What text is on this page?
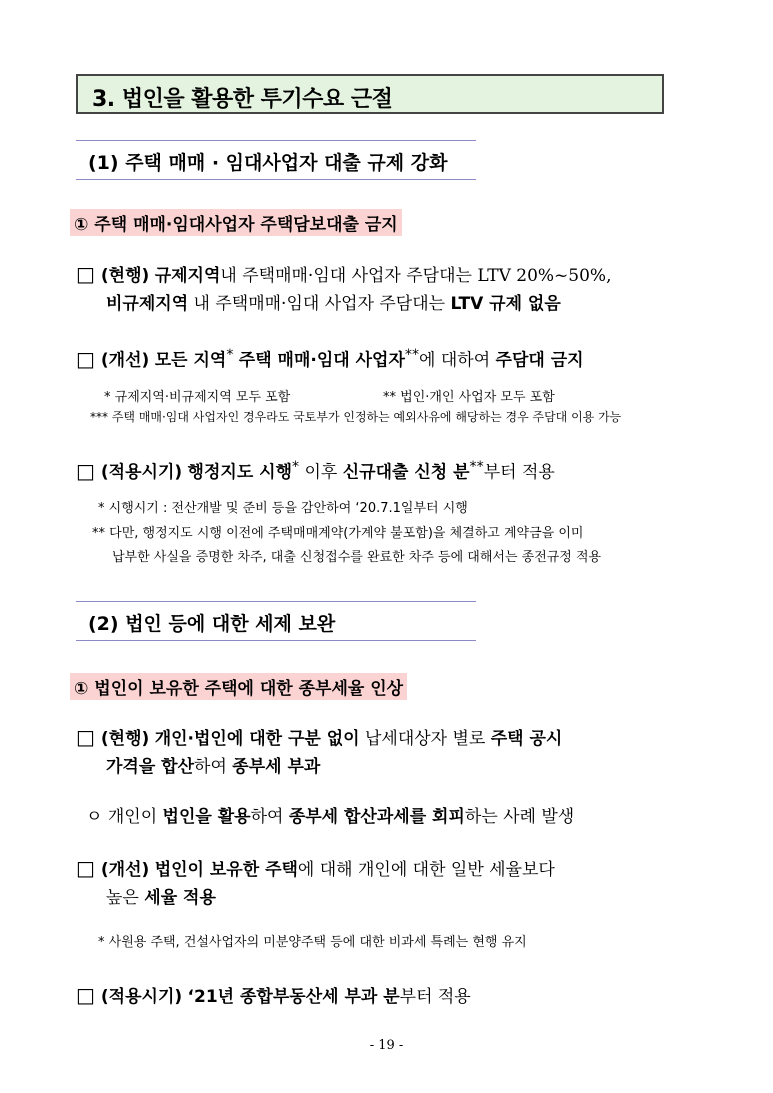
3. 법인을 활용한 투기수요 근절
(1) 주택 매매 · 임대사업자 대출 규제 강화
① 주택 매매·임대사업자 주택담보대출 금지
□ (현행) 규제지역내 주택매매·임대 사업자 주담대는 LTV 20%~50%,
비규제지역 내 주택매매·임대 사업자 주담대는 LTV 규제 없음
□ (개선) 모든 지역* 주택 매매·임대 사업자**에 대하여 주담대 금지
* 규제지역·비규제지역 모두 포함	** 법인·개인 사업자 모두 포함
*** 주택 매매·임대 사업자인 경우라도 국토부가 인정하는 예외사유에 해당하는 경우 주담대 이용 가능
□ (적용시기) 행정지도 시행* 이후 신규대출 신청 분**부터 적용
* 시행시기 : 전산개발 및 준비 등을 감안하여 ‘20.7.1일부터 시행
** 다만, 행정지도 시행 이전에 주택매매계약(가계약 불포함)을 체결하고 계약금을 이미
납부한 사실을 증명한 차주, 대출 신청접수를 완료한 차주 등에 대해서는 종전규정 적용
(2) 법인 등에 대한 세제 보완
① 법인이 보유한 주택에 대한 종부세율 인상
□ (현행) 개인·법인에 대한 구분 없이 납세대상자 별로 주택 공시
가격을 합산하여 종부세 부과
ㅇ 개인이 법인을 활용하여 종부세 합산과세를 회피하는 사례 발생
□ (개선) 법인이 보유한 주택에 대해 개인에 대한 일반 세율보다
높은 세율 적용
* 사원용 주택, 건설사업자의 미분양주택 등에 대한 비과세 특례는 현행 유지
□ (적용시기) ‘21년 종합부동산세 부과 분부터 적용
- 19 -
